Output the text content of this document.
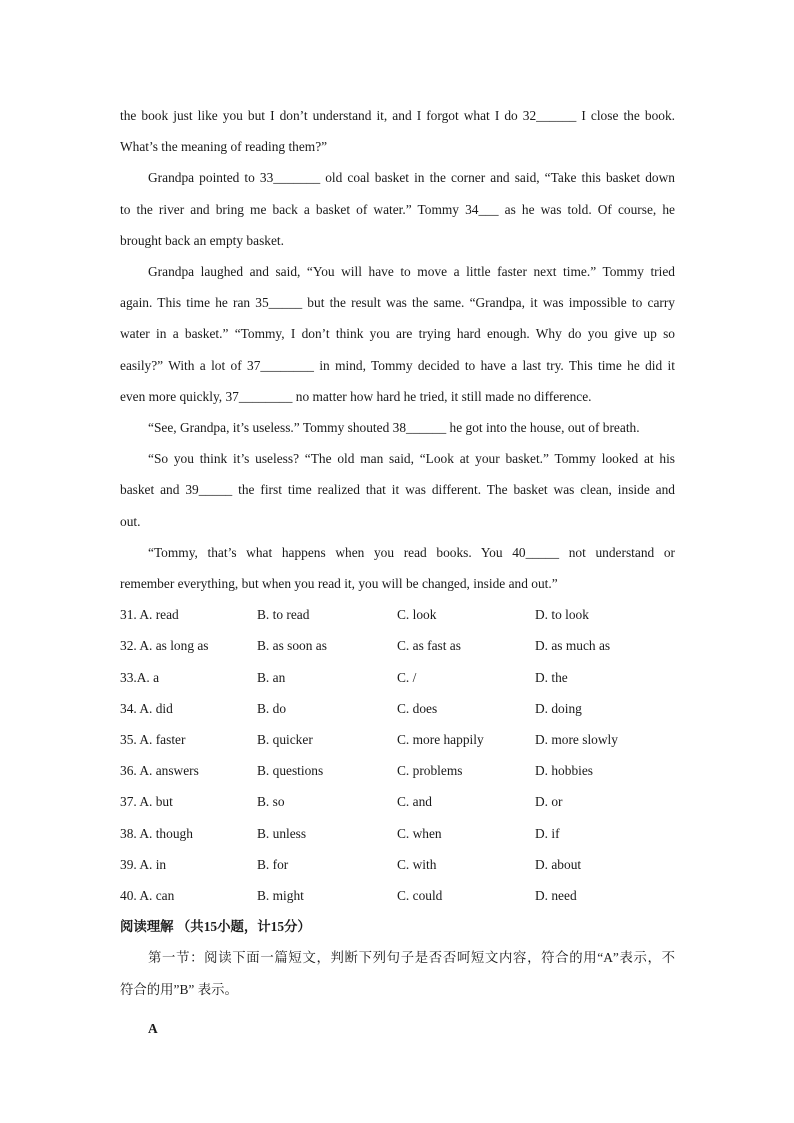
the book just like you but I don’t understand it, and I forgot what I do 32______ I close the book.
What’s the meaning of reading them?”

Grandpa pointed to 33_______ old coal basket in the corner and said, “Take this basket down
to the river and bring me back a basket of water.” Tommy 34___ as he was told. Of course, he
brought back an empty basket.

Grandpa laughed and said, “You will have to move a little faster next time.” Tommy tried
again. This time he ran 35_____ but the result was the same. “Grandpa, it was impossible to carry
water in a basket.” “Tommy, I don’t think you are trying hard enough. Why do you give up so
easily?” With a lot of 37________ in mind, Tommy decided to have a last try. This time he did it
even more quickly, 37________ no matter how hard he tried, it still made no difference.

“See, Grandpa, it’s useless.” Tommy shouted 38______ he got into the house, out of breath.

“So you think it’s useless? “The old man said, “Look at your basket.” Tommy looked at his
basket and 39_____ the first time realized that it was different. The basket was clean, inside and
out.

“Tommy, that’s what happens when you read books. You 40_____ not understand or
remember everything, but when you read it, you will be changed, inside and out.”

31. A. read	B. to read	C. look	D. to look
32. A. as long as	B. as soon as	C. as fast as	D. as much as
33.A. a	B. an	C. /	D. the
34. A. did	B. do	C. does	D. doing
35. A. faster	B. quicker	C. more happily	D. more slowly
36. A. answers	B. questions	C. problems	D. hobbies
37. A. but	B. so	C. and	D. or
38. A. though	B. unless	C. when	D. if
39. A. in	B. for	C. with	D. about
40. A. can	B. might	C. could	D. need

阅读理解 （共15小题，计15分）

第一节：阅读下面一篇短文，判断下列句子是否否呵短文内容，符合的用“A”表示，不
符合的用”B” 表示。

A
